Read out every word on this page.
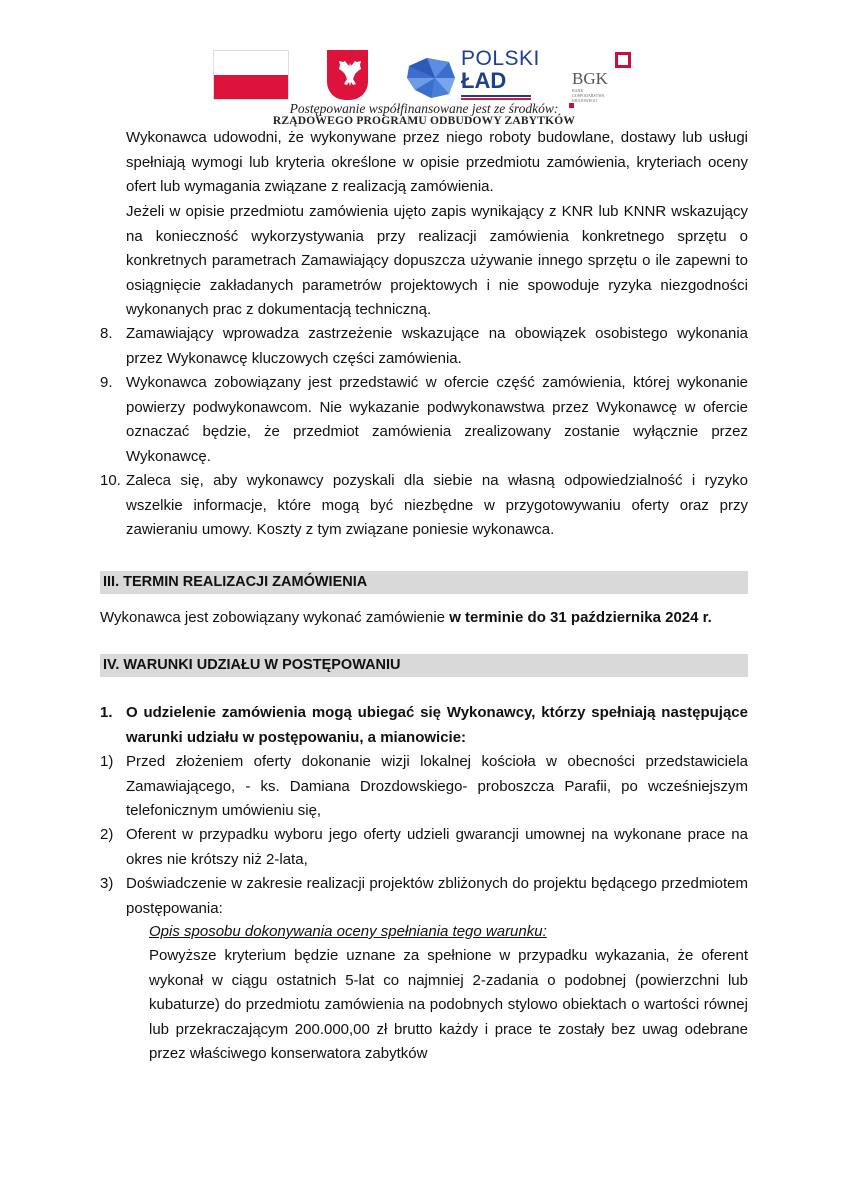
POLSKI
ŁAD	BGK
BANK GOSPODARSTWA KRAJOWEGO
Postępowanie współfinansowane jest ze środków:
RZĄDOWEGO PROGRAMU ODBUDOWY ZABYTKÓW
Wykonawca udowodni, że wykonywane przez niego roboty budowlane, dostawy lub usługi spełniają wymogi lub kryteria określone w opisie przedmiotu zamówienia, kryteriach oceny ofert lub wymagania związane z realizacją zamówienia.
Jeżeli w opisie przedmiotu zamówienia ujęto zapis wynikający z KNR lub KNNR wskazujący na konieczność wykorzystywania przy realizacji zamówienia konkretnego sprzętu o konkretnych parametrach Zamawiający dopuszcza używanie innego sprzętu o ile zapewni to osiągnięcie zakładanych parametrów projektowych i nie spowoduje ryzyka niezgodności wykonanych prac z dokumentacją techniczną.
8. Zamawiający wprowadza zastrzeżenie wskazujące na obowiązek osobistego wykonania przez Wykonawcę kluczowych części zamówienia.
9. Wykonawca zobowiązany jest przedstawić w ofercie część zamówienia, której wykonanie powierzy podwykonawcom. Nie wykazanie podwykonawstwa przez Wykonawcę w ofercie oznaczać będzie, że przedmiot zamówienia zrealizowany zostanie wyłącznie przez Wykonawcę.
10. Zaleca się, aby wykonawcy pozyskali dla siebie na własną odpowiedzialność i ryzyko wszelkie informacje, które mogą być niezbędne w przygotowywaniu oferty oraz przy zawieraniu umowy. Koszty z tym związane poniesie wykonawca.
III. TERMIN REALIZACJI ZAMÓWIENIA
Wykonawca jest zobowiązany wykonać zamówienie w terminie do 31 października 2024 r.
IV. WARUNKI UDZIAŁU W POSTĘPOWANIU
1. O udzielenie zamówienia mogą ubiegać się Wykonawcy, którzy spełniają następujące warunki udziału w postępowaniu, a mianowicie:
1) Przed złożeniem oferty dokonanie wizji lokalnej kościoła w obecności przedstawiciela Zamawiającego, - ks. Damiana Drozdowskiego- proboszcza Parafii, po wcześniejszym telefonicznym umówieniu się,
2) Oferent w przypadku wyboru jego oferty udzieli gwarancji umownej na wykonane prace na okres nie krótszy niż 2-lata,
3) Doświadczenie w zakresie realizacji projektów zbliżonych do projektu będącego przedmiotem postępowania:
Opis sposobu dokonywania oceny spełniania tego warunku:
Powyższe kryterium będzie uznane za spełnione w przypadku wykazania, że oferent wykonał w ciągu ostatnich 5-lat co najmniej 2-zadania o podobnej (powierzchni lub kubaturze) do przedmiotu zamówienia na podobnych stylowo obiektach o wartości równej lub przekraczającym 200.000,00 zł brutto każdy i prace te zostały bez uwag odebrane przez właściwego konserwatora zabytków
